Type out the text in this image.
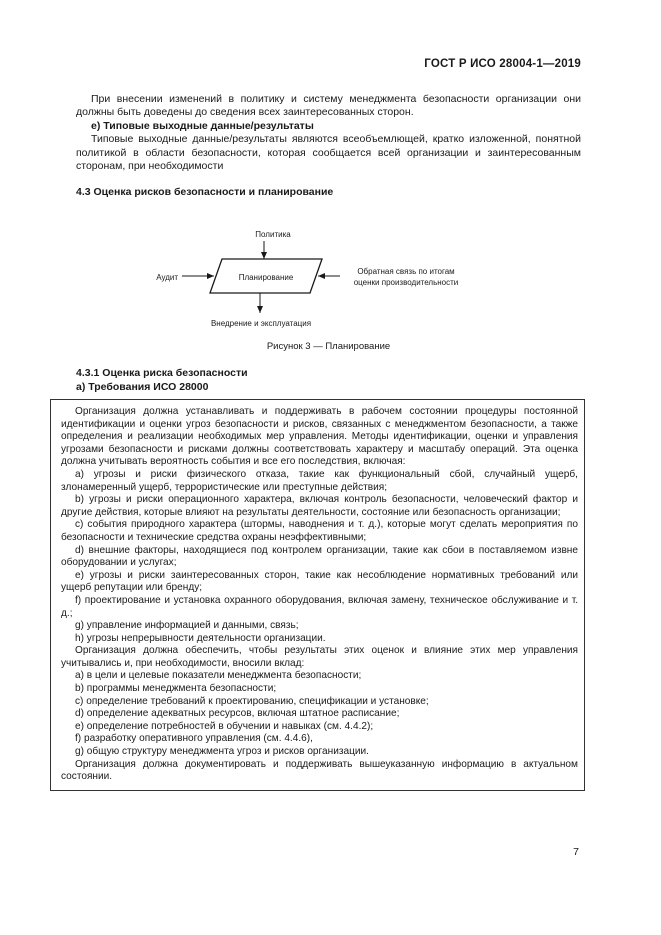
ГОСТ Р ИСО 28004-1—2019

При внесении изменений в политику и систему менеджмента безопасности организации они должны быть доведены до сведения всех заинтересованных сторон.

е) Типовые выходные данные/результаты

Типовые выходные данные/результаты являются всеобъемлющей, кратко изложенной, понятной политикой в области безопасности, которая сообщается всей организации и заинтересованным сторонам, при необходимости

4.3 Оценка рисков безопасности и планирование

Политика
Планирование
Аудит
Обратная связь по итогам
оценки производительности
Внедрение и эксплуатация
Рисунок 3 — Планирование

4.3.1 Оценка риска безопасности

а) Требования ИСО 28000

Организация должна устанавливать и поддерживать в рабочем состоянии процедуры постоянной идентификации и оценки угроз безопасности и рисков, связанных с менеджментом безопасности, а также определения и реализации необходимых мер управления. Методы идентификации, оценки и управления угрозами безопасности и рисками должны соответствовать характеру и масштабу операций. Эта оценка должна учитывать вероятность события и все его последствия, включая:

а) угрозы и риски физического отказа, такие как функциональный сбой, случайный ущерб, злонамеренный ущерб, террористические или преступные действия;

b) угрозы и риски операционного характера, включая контроль безопасности, человеческий фактор и другие действия, которые влияют на результаты деятельности, состояние или безопасность организации;

c) события природного характера (штормы, наводнения и т. д.), которые могут сделать мероприятия по безопасности и технические средства охраны неэффективными;

d) внешние факторы, находящиеся под контролем организации, такие как сбои в поставляемом извне оборудовании и услугах;

e) угрозы и риски заинтересованных сторон, такие как несоблюдение нормативных требований или ущерб репутации или бренду;

f) проектирование и установка охранного оборудования, включая замену, техническое обслуживание и т. д.;

g) управление информацией и данными, связь;

h) угрозы непрерывности деятельности организации.

Организация должна обеспечить, чтобы результаты этих оценок и влияние этих мер управления учитывались и, при необходимости, вносили вклад:

а) в цели и целевые показатели менеджмента безопасности;

b) программы менеджмента безопасности;

c) определение требований к проектированию, спецификации и установке;

d) определение адекватных ресурсов, включая штатное расписание;

e) определение потребностей в обучении и навыках (см. 4.4.2);

f) разработку оперативного управления (см. 4.4.6),

g) общую структуру менеджмента угроз и рисков организации.

Организация должна документировать и поддерживать вышеуказанную информацию в актуальном состоянии.

7
